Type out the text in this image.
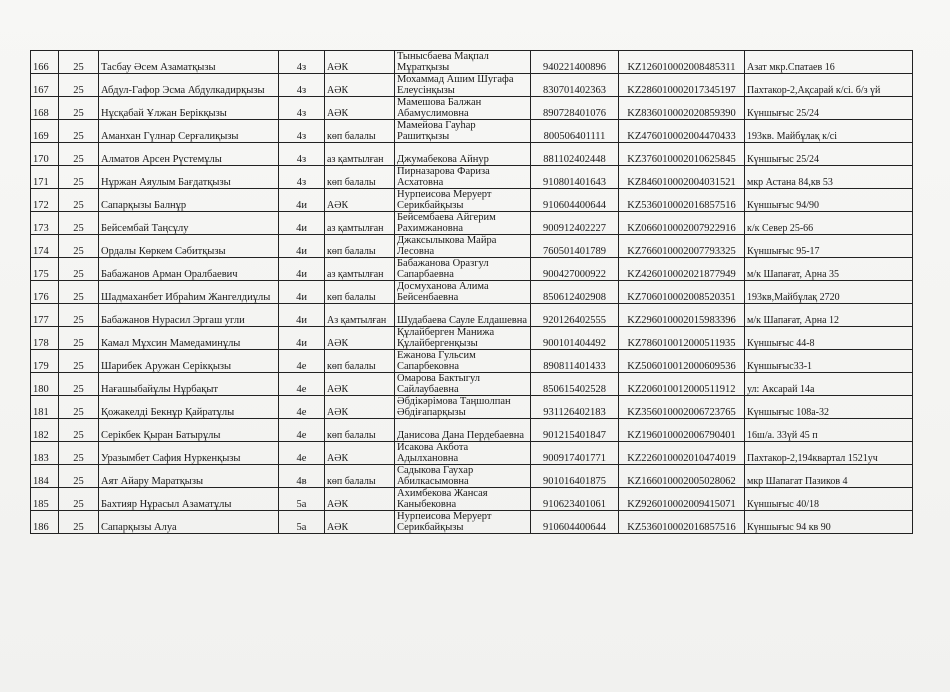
166	25	Тасбау Әсем Азаматқызы	4з	АӘК	Тынысбаева Мақпал Мұратқызы	940221400896	KZ126010002008485311	Азат мкр.Спатаев 16
167	25	Абдул-Гафор Эсма Абдулкадирқызы	4з	АӘК	Мохаммад Ашим Шугафа Елеусінқызы	830701402363	KZ286010002017345197	Пахтакор-2,Ақсарай к/сі. б/з үй
168	25	Нұсқабай Ұлжан Берікқызы	4з	АӘК	Мамешова Балжан Абамуслимовна	890728401076	KZ836010002020859390	Күншығыс 25/24
169	25	Аманхан Гүлнар Серғалиқызы	4з	көп балалы	Мамейова Гауһар Рашитқызы	800506401111	KZ476010002004470433	193кв. Майбұлақ к/сі
170	25	Алматов Арсен Рүстемұлы	4з	аз қамтылған	Джумабекова Айнур	881102402448	KZ376010002010625845	Күншығыс 25/24
171	25	Нұржан Аяулым Бағдатқызы	4з	көп балалы	Пирназарова Фариза Асхатовна	910801401643	KZ846010002004031521	мкр Астана 84,кв 53
172	25	Сапарқызы Балнұр	4и	АӘК	Нурпеисова Меруерт Серикбайқызы	910604400644	KZ536010002016857516	Күншығыс 94/90
173	25	Бейсембай Таңсұлу	4и	аз қамтылған	Бейсембаева Айгерим Рахимжановна	900912402227	KZ066010002007922916	к/к Север 25-66
174	25	Ордалы Көркем Сәбитқызы	4и	көп балалы	Джаксылыкова Майра Лесовна	760501401789	KZ766010002007793325	Күншығыс 95-17
175	25	Бабажанов Арман Оралбаевич	4и	аз қамтылған	Бабажанова Оразгул Сапарбаевна	900427000922	KZ426010002021877949	м/к Шапағат, Арна 35
176	25	Шадмаханбет Ибраһим Жангелдиұлы	4и	көп балалы	Досмуханова Алима Бейсенбаевна	850612402908	KZ706010002008520351	193кв,Майбұлақ 2720
177	25	Бабажанов Нурасил Эргаш угли	4и	Аз қамтылған	Шудабаева Сауле Елдашевна	920126402555	KZ296010002015983396	м/к Шапағат, Арна 12
178	25	Камал Мұхсин Мамедаминұлы	4и	АӘК	Құлайберген Манижа Құлайбергенқызы	900101404492	KZ786010012000511935	Күншығыс 44-8
179	25	Шарибек Аружан Серікқызы	4е	көп балалы	Ежанова Гульсим Сапарбековна	890811401433	KZ506010012000609536	Күншығыс33-1
180	25	Нағашыбайұлы Нұрбақыт	4е	АӘК	Омарова Бактыгул Сайлаубаевна	850615402528	KZ206010012000511912	ул: Аксарай 14а
181	25	Қожакелді Бекнұр Қайратұлы	4е	АӘК	Әбдікәрімова Таңшолпан Әбдіғапарқызы	931126402183	KZ356010002006723765	Күншығыс 108а-32
182	25	Серікбек Қыран Батырұлы	4е	көп балалы	Данисова Дана Пердебаевна	901215401847	KZ196010002006790401	16ш/а. 33үй 45 п
183	25	Уразымбет Сафия Нуркенқызы	4е	АӘК	Исакова Акбота Адылхановна	900917401771	KZ226010002010474019	Пахтакор-2,194квартал 1521уч
184	25	Аят Айару Маратқызы	4в	көп балалы	Садыкова Гаухар Абилкасымовна	901016401875	KZ166010002005028062	мкр Шапагат Пазиков 4
185	25	Бахтияр Нұрасыл Азаматұлы	5а	АӘК	Ахимбекова Жансая Каныбековна	910623401061	KZ926010002009415071	Күншығыс 40/18
186	25	Сапарқызы Алуа	5а	АӘК	Нурпеисова Меруерт Серикбайқызы	910604400644	KZ536010002016857516	Күншығыс 94 кв 90
